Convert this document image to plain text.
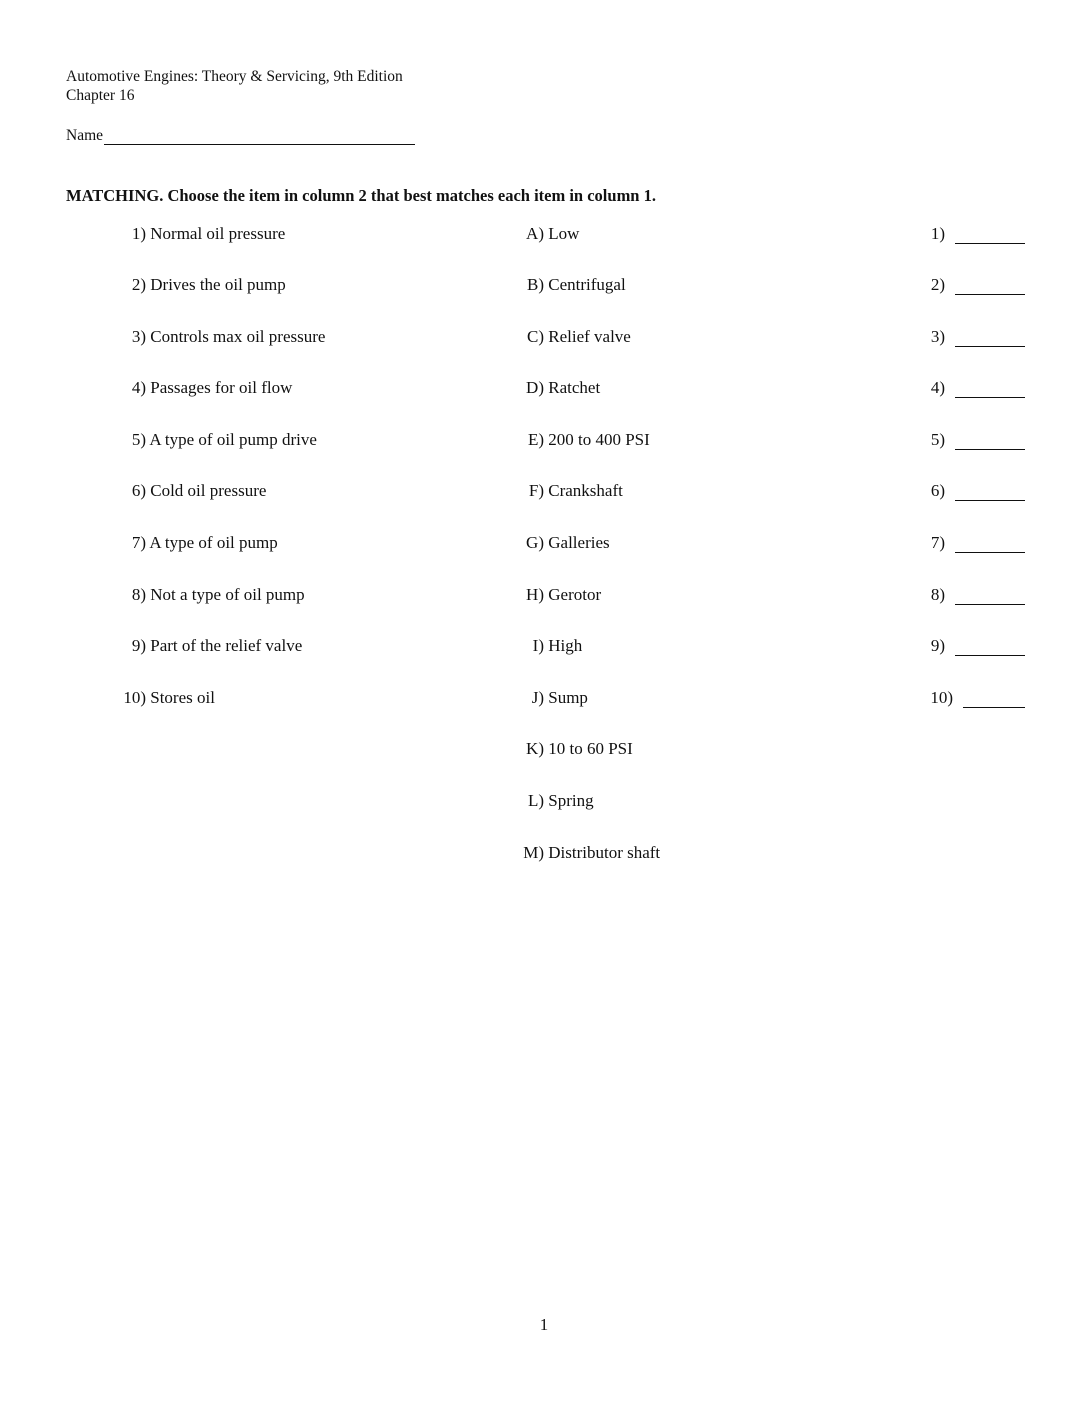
Automotive Engines: Theory & Servicing, 9th Edition
Chapter 16
Name
MATCHING. Choose the item in column 2 that best matches each item in column 1.
1) Normal oil pressure
2) Drives the oil pump
3) Controls max oil pressure
4) Passages for oil flow
5) A type of oil pump drive
6) Cold oil pressure
7) A type of oil pump
8) Not a type of oil pump
9) Part of the relief valve
10) Stores oil
A) Low
B) Centrifugal
C) Relief valve
D) Ratchet
E) 200 to 400 PSI
F) Crankshaft
G) Galleries
H) Gerotor
I) High
J) Sump
K) 10 to 60 PSI
L) Spring
M) Distributor shaft
1)
2)
3)
4)
5)
6)
7)
8)
9)
10)
1
